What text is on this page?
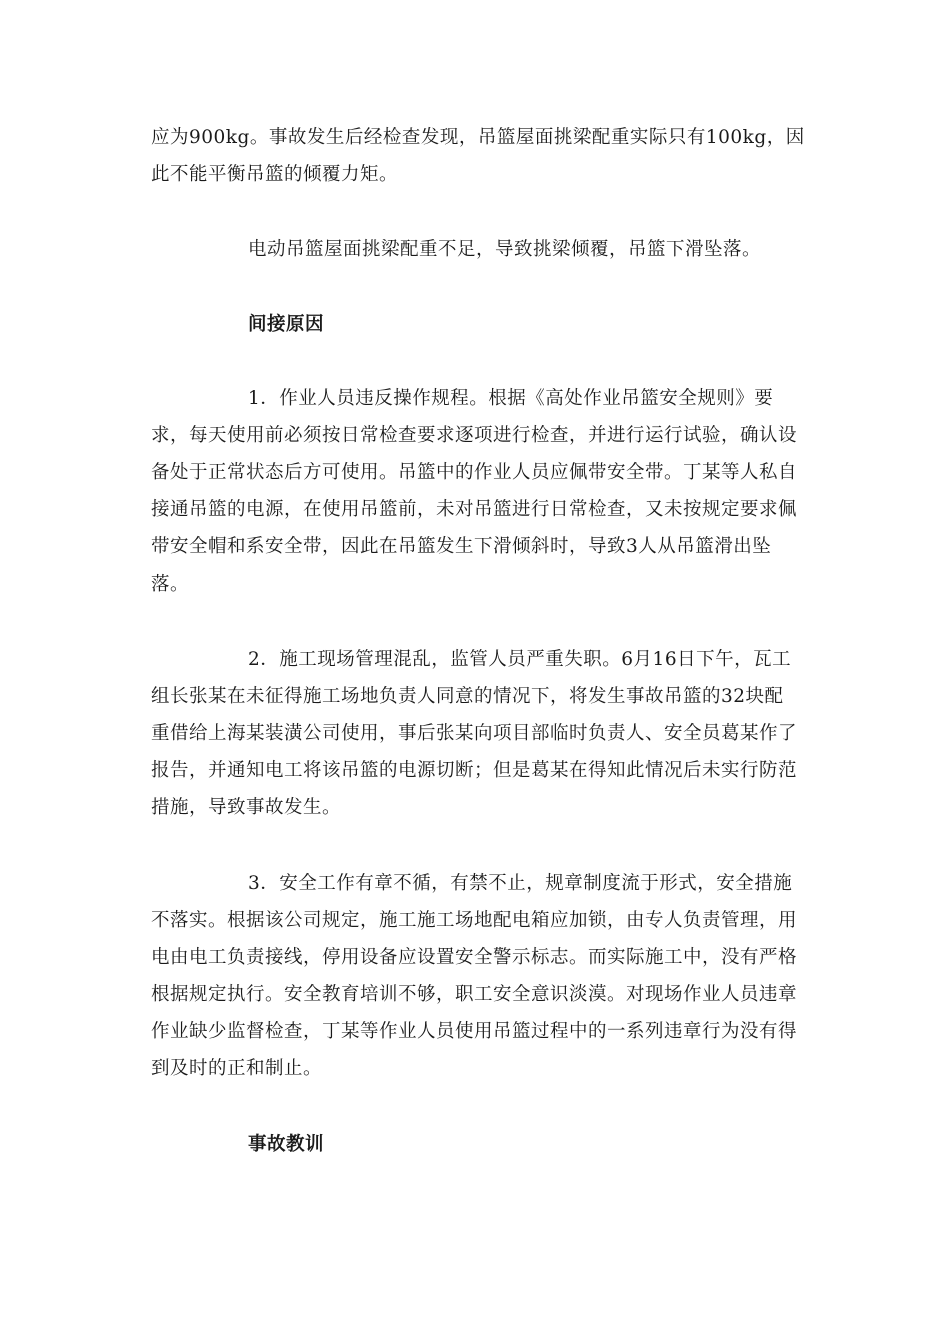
应为900kg。事故发生后经检查发现，吊篮屋面挑梁配重实际只有100kg，因
此不能平衡吊篮的倾覆力矩。
电动吊篮屋面挑梁配重不足，导致挑梁倾覆，吊篮下滑坠落。
间接原因
1．作业人员违反操作规程。根据《高处作业吊篮安全规则》要
求，每天使用前必须按日常检查要求逐项进行检查，并进行运行试验，确认设
备处于正常状态后方可使用。吊篮中的作业人员应佩带安全带。丁某等人私自
接通吊篮的电源，在使用吊篮前，未对吊篮进行日常检查，又未按规定要求佩
带安全帽和系安全带，因此在吊篮发生下滑倾斜时，导致3人从吊篮滑出坠
落。
2．施工现场管理混乱，监管人员严重失职。6月16日下午，瓦工
组长张某在未征得施工场地负责人同意的情况下，将发生事故吊篮的32块配
重借给上海某装潢公司使用，事后张某向项目部临时负责人、安全员葛某作了
报告，并通知电工将该吊篮的电源切断；但是葛某在得知此情况后未实行防范
措施，导致事故发生。
3．安全工作有章不循，有禁不止，规章制度流于形式，安全措施
不落实。根据该公司规定，施工施工场地配电箱应加锁，由专人负责管理，用
电由电工负责接线，停用设备应设置安全警示标志。而实际施工中，没有严格
根据规定执行。安全教育培训不够，职工安全意识淡漠。对现场作业人员违章
作业缺少监督检查，丁某等作业人员使用吊篮过程中的一系列违章行为没有得
到及时的正和制止。
事故教训
